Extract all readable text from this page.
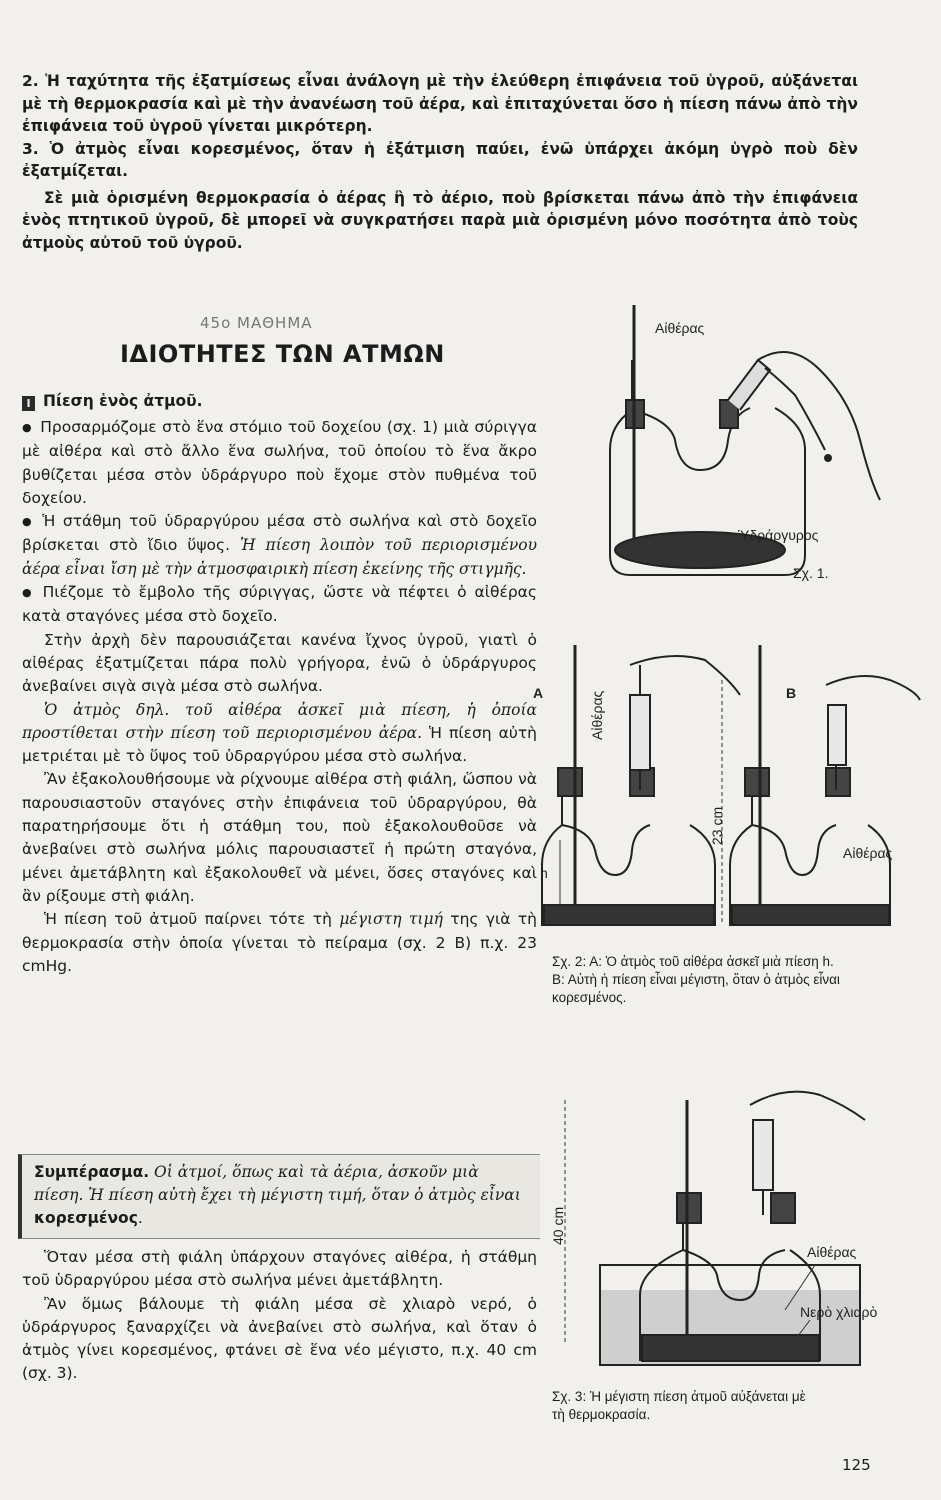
2. Ἡ ταχύτητα τῆς ἐξατμίσεως εἶναι ἀνάλογη μὲ τὴν ἐλεύθερη ἐπιφάνεια τοῦ ὑγροῦ, αὐξάνεται μὲ τὴ θερμοκρασία καὶ μὲ τὴν ἀνανέωση τοῦ ἀέρα, καὶ ἐπιταχύνεται ὅσο ἡ πίεση πάνω ἀπὸ τὴν ἐπιφάνεια τοῦ ὑγροῦ γίνεται μικρότερη.

3. Ὁ ἀτμὸς εἶναι κορεσμένος, ὅταν ἡ ἐξάτμιση παύει, ἐνῶ ὑπάρχει ἀκόμη ὑγρὸ ποὺ δὲν ἐξατμίζεται.

Σὲ μιὰ ὁρισμένη θερμοκρασία ὁ ἀέρας ἢ τὸ ἀέριο, ποὺ βρίσκεται πάνω ἀπὸ τὴν ἐπιφάνεια ἑνὸς πτητικοῦ ὑγροῦ, δὲ μπορεῖ νὰ συγκρατήσει παρὰ μιὰ ὁρισμένη μόνο ποσότητα ἀπὸ τοὺς ἀτμοὺς αὐτοῦ τοῦ ὑγροῦ.

45ο ΜΑΘΗΜΑ
ΙΔΙΟΤΗΤΕΣ ΤΩΝ ΑΤΜΩΝ
I Πίεση ἑνὸς ἀτμοῦ.

● Προσαρμόζομε στὸ ἕνα στόμιο τοῦ δοχείου (σχ. 1) μιὰ σύριγγα μὲ αἰθέρα καὶ στὸ ἄλλο ἕνα σωλήνα, τοῦ ὁποίου τὸ ἕνα ἄκρο βυθίζεται μέσα στὸν ὑδράργυρο ποὺ ἔχομε στὸν πυθμένα τοῦ δοχείου.

● Ἡ στάθμη τοῦ ὑδραργύρου μέσα στὸ σωλήνα καὶ στὸ δοχεῖο βρίσκεται στὸ ἴδιο ὕψος. Ἡ πίεση λοιπὸν τοῦ περιορισμένου ἀέρα εἶναι ἴση μὲ τὴν ἀτμοσφαιρικὴ πίεση ἐκείνης τῆς στιγμῆς.

● Πιέζομε τὸ ἔμβολο τῆς σύριγγας, ὥστε νὰ πέφτει ὁ αἰθέρας κατὰ σταγόνες μέσα στὸ δοχεῖο.

Στὴν ἀρχὴ δὲν παρουσιάζεται κανένα ἴχνος ὑγροῦ, γιατὶ ὁ αἰθέρας ἐξατμίζεται πάρα πολὺ γρήγορα, ἐνῶ ὁ ὑδράργυρος ἀνεβαίνει σιγὰ σιγὰ μέσα στὸ σωλήνα.

Ὁ ἀτμὸς δηλ. τοῦ αἰθέρα ἀσκεῖ μιὰ πίεση, ἡ ὁποία προστίθεται στὴν πίεση τοῦ περιορισμένου ἀέρα. Ἡ πίεση αὐτὴ μετριέται μὲ τὸ ὕψος τοῦ ὑδραργύρου μέσα στὸ σωλήνα.

Ἂν ἐξακολουθήσουμε νὰ ρίχνουμε αἰθέρα στὴ φιάλη, ὥσπου νὰ παρουσιαστοῦν σταγόνες στὴν ἐπιφάνεια τοῦ ὑδραργύρου, θὰ παρατηρήσουμε ὅτι ἡ στάθμη του, ποὺ ἐξακολουθοῦσε νὰ ἀνεβαίνει στὸ σωλήνα μόλις παρουσιαστεῖ ἡ πρώτη σταγόνα, μένει ἀμετάβλητη καὶ ἐξακολουθεῖ νὰ μένει, ὅσες σταγόνες καὶ ἂν ρίξουμε στὴ φιάλη.

Ἡ πίεση τοῦ ἀτμοῦ παίρνει τότε τὴ μέγιστη τιμή της γιὰ τὴ θερμοκρασία στὴν ὁποία γίνεται τὸ πείραμα (σχ. 2 Β) π.χ. 23 cmHg.

Συμπέρασμα. Οἱ ἀτμοί, ὅπως καὶ τὰ ἀέρια, ἀσκοῦν μιὰ πίεση. Ἡ πίεση αὐτὴ ἔχει τὴ μέγιστη τιμή, ὅταν ὁ ἀτμὸς εἶναι κορεσμένος.

Ὅταν μέσα στὴ φιάλη ὑπάρχουν σταγόνες αἰθέρα, ἡ στάθμη τοῦ ὑδραργύρου μέσα στὸ σωλήνα μένει ἀμετάβλητη.

Ἂν ὅμως βάλουμε τὴ φιάλη μέσα σὲ χλιαρὸ νερό, ὁ ὑδράργυρος ξαναρχίζει νὰ ἀνεβαίνει στὸ σωλήνα, καὶ ὅταν ὁ ἀτμὸς γίνει κορεσμένος, φτάνει σὲ ἕνα νέο μέγιστο, π.χ. 40 cm (σχ. 3).

Αἰθέρας
Ὑδράργυρος
Σχ. 1.
A	B
Αἰθέρας
23 cm
h
Αἰθέρας
Σχ. 2: Α: Ὁ ἀτμὸς τοῦ αἰθέρα ἀσκεῖ μιὰ πίεση h.
Β: Αὐτὴ ἡ πίεση εἶναι μέγιστη, ὅταν ὁ ἀτμὸς εἶναι κορεσμένος.
40 cm
Αἰθέρας
Νερὸ χλιαρὸ
Σχ. 3: Ἡ μέγιστη πίεση ἀτμοῦ αὐξάνεται μὲ τὴ θερμοκρασία.
125
